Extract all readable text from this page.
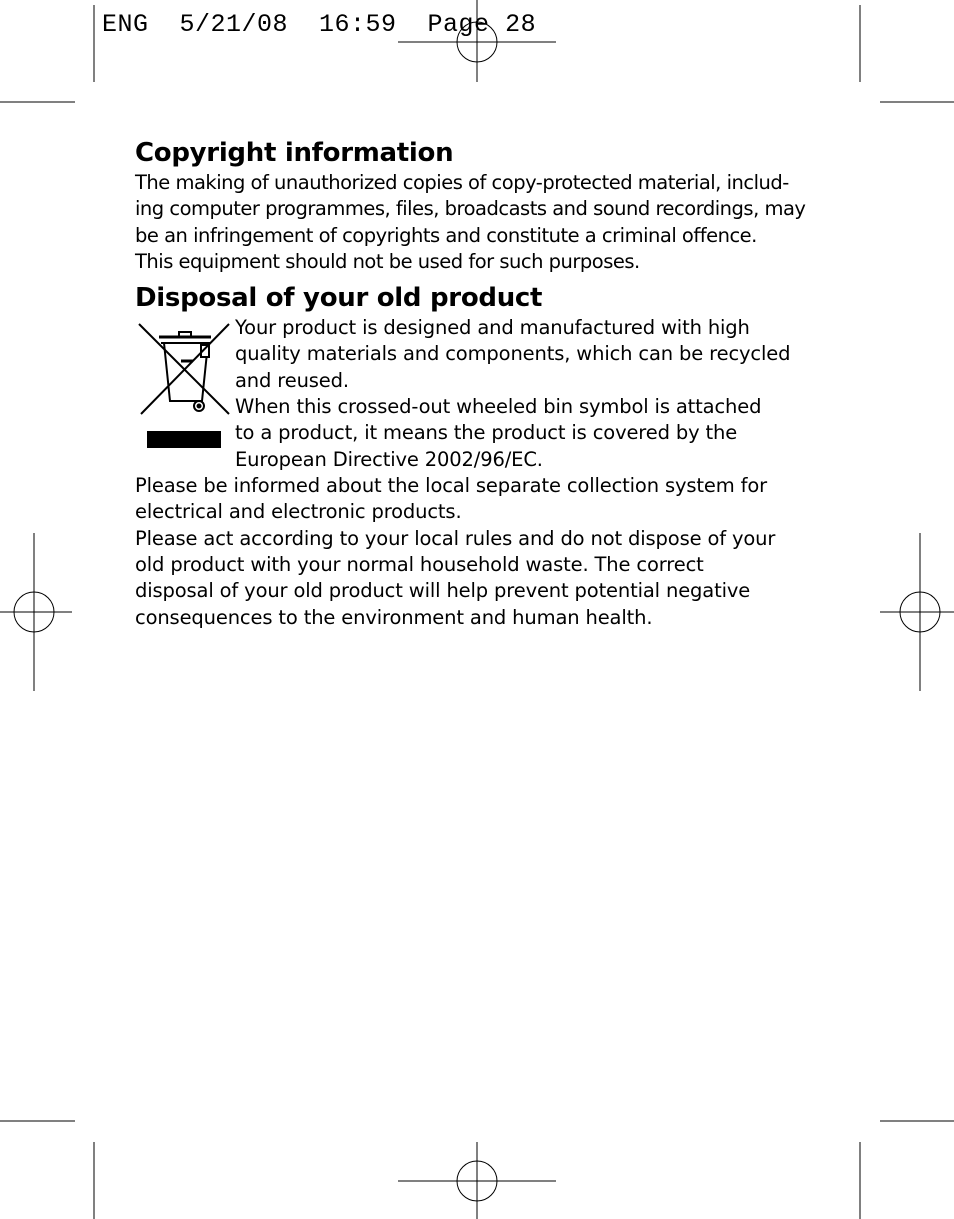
ENG  5/21/08  16:59  Page 28
Copyright information

The making of unauthorized copies of copy-protected material, includ-

ing computer programmes, files, broadcasts and sound recordings, may

be an infringement of copyrights and constitute a criminal offence.

This equipment should not be used for such purposes.

Disposal of your old product

Your product is designed and manufactured with high

quality materials and components, which can be recycled

and reused.

When this crossed-out wheeled bin symbol is attached

to a product, it means the product is covered by the

European Directive 2002/96/EC.

Please be informed about the local separate collection system for

electrical and electronic products.

Please act according to your local rules and do not dispose of your

old product with your normal household waste. The correct

disposal of your old product will help prevent potential negative

consequences to the environment and human health.
